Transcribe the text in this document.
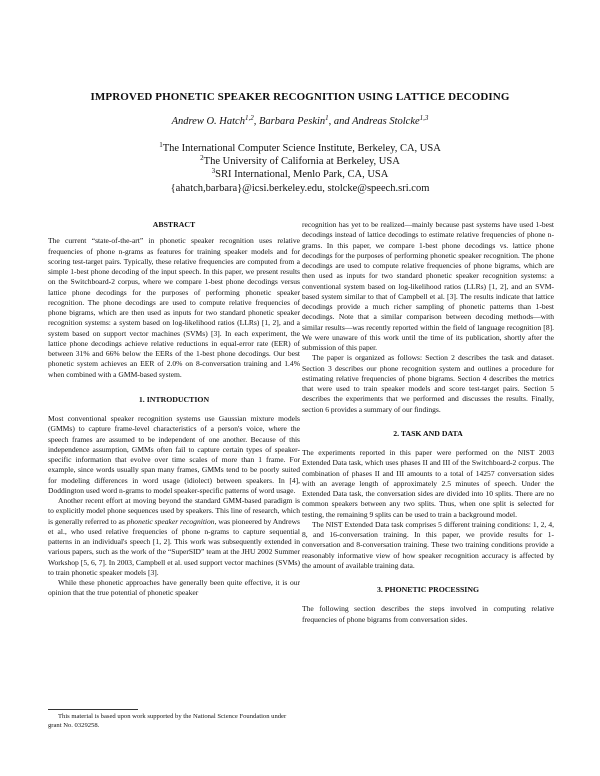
IMPROVED PHONETIC SPEAKER RECOGNITION USING LATTICE DECODING
Andrew O. Hatch$^{1,2}$, Barbara Peskin$^1$, and Andreas Stolcke$^{1,3}$
$^1$The International Computer Science Institute, Berkeley, CA, USA
$^2$The University of California at Berkeley, USA
$^3$SRI International, Menlo Park, CA, USA
{ahatch,barbara}@icsi.berkeley.edu, stolcke@speech.sri.com
ABSTRACT

The current “state-of-the-art” in phonetic speaker recognition uses relative frequencies of phone n-grams as features for training speaker models and for scoring test-target pairs. Typically, these relative frequencies are computed from a simple 1-best phone decoding of the input speech. In this paper, we present results on the Switchboard-2 corpus, where we compare 1-best phone decodings versus lattice phone decodings for the purposes of performing phonetic speaker recognition. The phone decodings are used to compute relative frequencies of phone bigrams, which are then used as inputs for two standard phonetic speaker recognition systems: a system based on log-likelihood ratios (LLRs) [1, 2], and a system based on support vector machines (SVMs) [3]. In each experiment, the lattice phone decodings achieve relative reductions in equal-error rate (EER) of between 31% and 66% below the EERs of the 1-best phone decodings. Our best phonetic system achieves an EER of 2.0% on 8-conversation training and 1.4% when combined with a GMM-based system.

1. INTRODUCTION

Most conventional speaker recognition systems use Gaussian mixture models (GMMs) to capture frame-level characteristics of a person's voice, where the speech frames are assumed to be independent of one another. Because of this independence assumption, GMMs often fail to capture certain types of speaker-specific information that evolve over time scales of more than 1 frame. For example, since words usually span many frames, GMMs tend to be poorly suited for modeling differences in word usage (idiolect) between speakers. In [4], Doddington used word n-grams to model speaker-specific patterns of word usage.

Another recent effort at moving beyond the standard GMM-based paradigm is to explicitly model phone sequences used by speakers. This line of research, which is generally referred to as phonetic speaker recognition, was pioneered by Andrews et al., who used relative frequencies of phone n-grams to capture sequential patterns in an individual's speech [1, 2]. This work was subsequently extended in various papers, such as the work of the “SuperSID” team at the JHU 2002 Summer Workshop [5, 6, 7]. In 2003, Campbell et al. used support vector machines (SVMs) to train phonetic speaker models [3].

While these phonetic approaches have generally been quite effective, it is our opinion that the true potential of phonetic speaker

This material is based upon work supported by the National Science Foundation under grant No. 0329258.

recognition has yet to be realized—mainly because past systems have used 1-best decodings instead of lattice decodings to estimate relative frequencies of phone n-grams. In this paper, we compare 1-best phone decodings vs. lattice phone decodings for the purposes of performing phonetic speaker recognition. The phone decodings are used to compute relative frequencies of phone bigrams, which are then used as inputs for two standard phonetic speaker recognition systems: a conventional system based on log-likelihood ratios (LLRs) [1, 2], and an SVM-based system similar to that of Campbell et al. [3]. The results indicate that lattice decodings provide a much richer sampling of phonetic patterns than 1-best decodings. Note that a similar comparison between decoding methods—with similar results—was recently reported within the field of language recognition [8]. We were unaware of this work until the time of its publication, shortly after the submission of this paper.

The paper is organized as follows: Section 2 describes the task and dataset. Section 3 describes our phone recognition system and outlines a procedure for estimating relative frequencies of phone bigrams. Section 4 describes the metrics that were used to train speaker models and score test-target pairs. Section 5 describes the experiments that we performed and discusses the results. Finally, section 6 provides a summary of our findings.

2. TASK AND DATA

The experiments reported in this paper were performed on the NIST 2003 Extended Data task, which uses phases II and III of the Switchboard-2 corpus. The combination of phases II and III amounts to a total of 14257 conversation sides with an average length of approximately 2.5 minutes of speech. Under the Extended Data task, the conversation sides are divided into 10 splits. There are no common speakers between any two splits. Thus, when one split is selected for testing, the remaining 9 splits can be used to train a background model.

The NIST Extended Data task comprises 5 different training conditions: 1, 2, 4, 8, and 16-conversation training. In this paper, we provide results for 1-conversation and 8-conversation training. These two training conditions provide a reasonably informative view of how speaker recognition accuracy is affected by the amount of available training data.

3. PHONETIC PROCESSING

The following section describes the steps involved in computing relative frequencies of phone bigrams from conversation sides.
